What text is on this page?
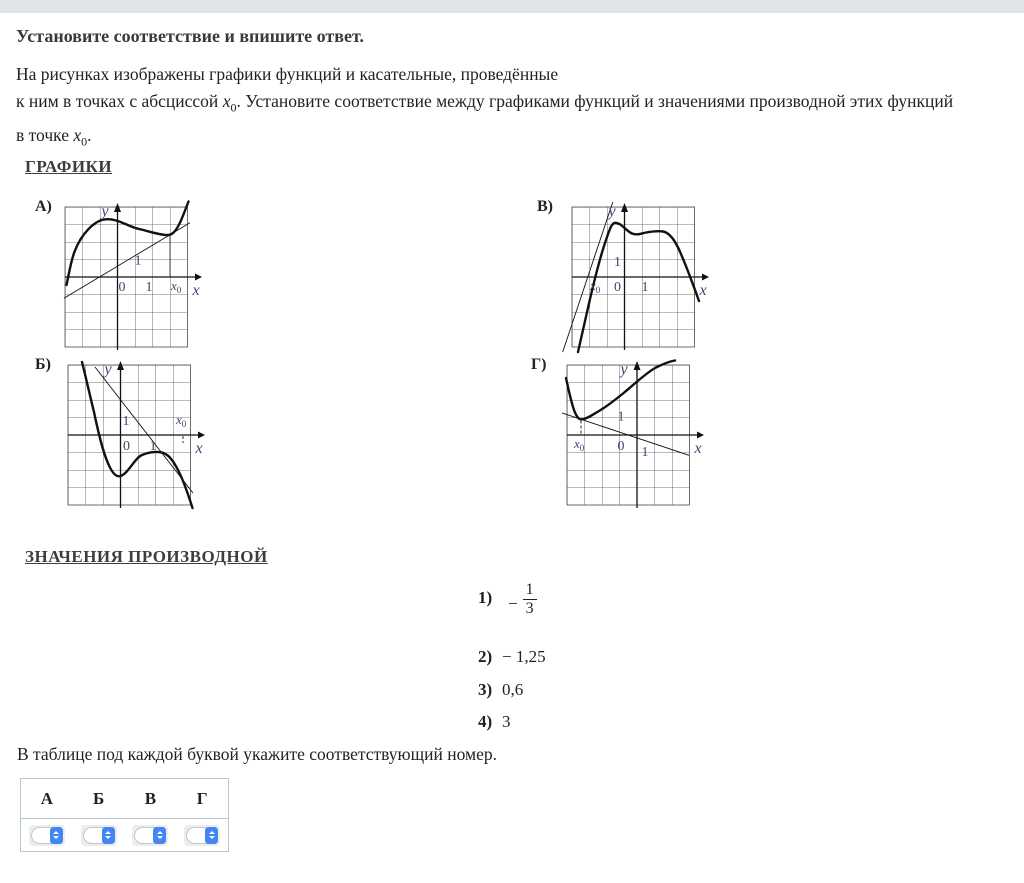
Установите соответствие и впишите ответ.

На рисунках изображены графики функций и касательные, проведённые
к ним в точках с абсциссой $x_0$. Установите соответствие между графиками функций и значениями производной этих функций
в точке $x_0$.

ГРАФИКИ
А)	y
x
0 1
1
x0
В)	y
x
0 1
1
x0
Б)	y
x
0 1
1	x0
Г)	y
x
0 1
1
x0
ЗНАЧЕНИЯ ПРОИЗВОДНОЙ
$1) - \frac{1}{3}$
2) − 1,25
3) 0,6
4) 3

В таблице под каждой буквой укажите соответствующий номер.

А	Б	В	Г
